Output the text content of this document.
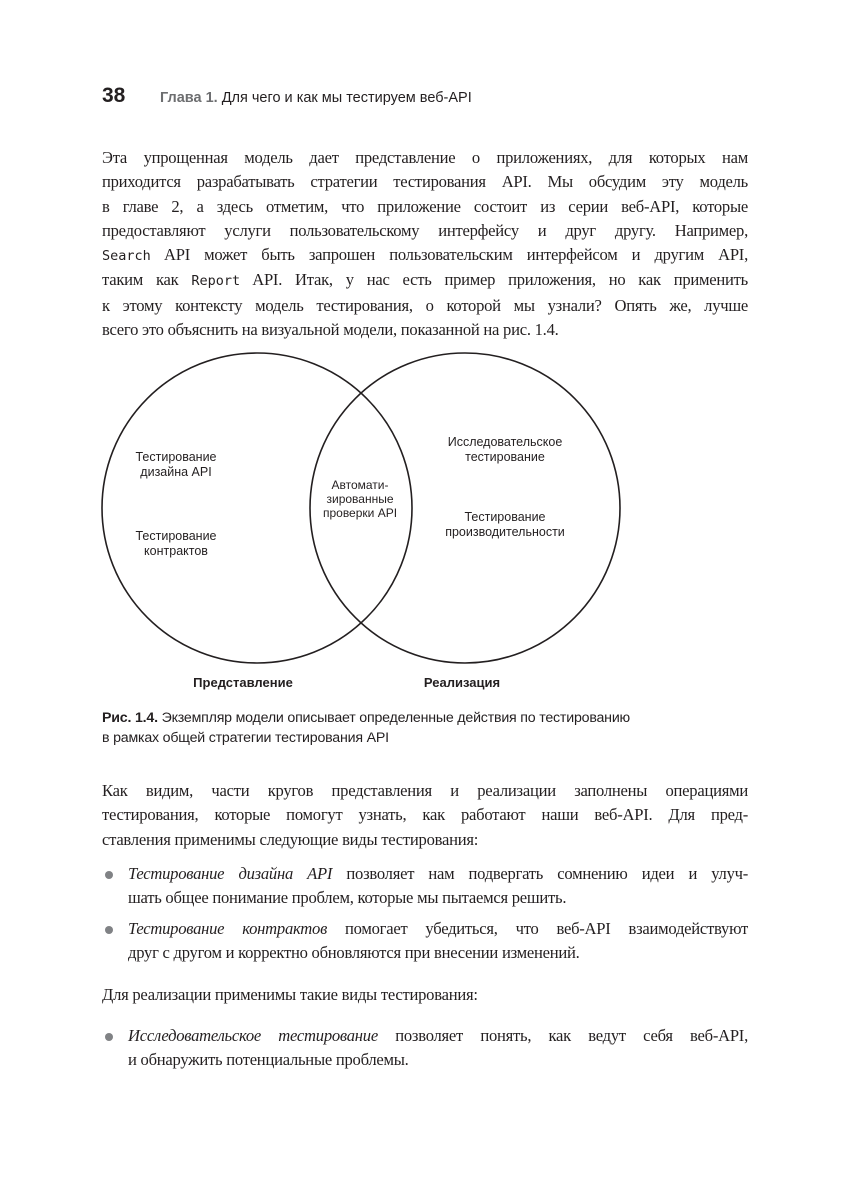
38	Глава 1. Для чего и как мы тестируем веб-API
Эта упрощенная модель дает представление о приложениях, для которых нам
приходится разрабатывать стратегии тестирования API. Мы обсудим эту модель
в главе 2, а здесь отметим, что приложение состоит из серии веб-API, которые
предоставляют услуги пользовательскому интерфейсу и друг другу. Например,
Search API может быть запрошен пользовательским интерфейсом и другим API,
таким как Report API. Итак, у нас есть пример приложения, но как применить
к этому контексту модель тестирования, о которой мы узнали? Опять же, лучше
всего это объяснить на визуальной модели, показанной на рис. 1.4.
Тестирование
дизайна API
Тестирование
контрактов
Автомати-
зированные
проверки API
Исследовательское
тестирование
Тестирование
производительности
Представление	Реализация
Рис. 1.4. Экземпляр модели описывает определенные действия по тестированию
в рамках общей стратегии тестирования API
Как видим, части кругов представления и реализации заполнены операциями
тестирования, которые помогут узнать, как работают наши веб-API. Для пред-
ставления применимы следующие виды тестирования:
Тестирование дизайна API позволяет нам подвергать сомнению идеи и улуч-
шать общее понимание проблем, которые мы пытаемся решить.
Тестирование контрактов помогает убедиться, что веб-API взаимодействуют
друг с другом и корректно обновляются при внесении изменений.
Для реализации применимы такие виды тестирования:
Исследовательское тестирование позволяет понять, как ведут себя веб-API,
и обнаружить потенциальные проблемы.
